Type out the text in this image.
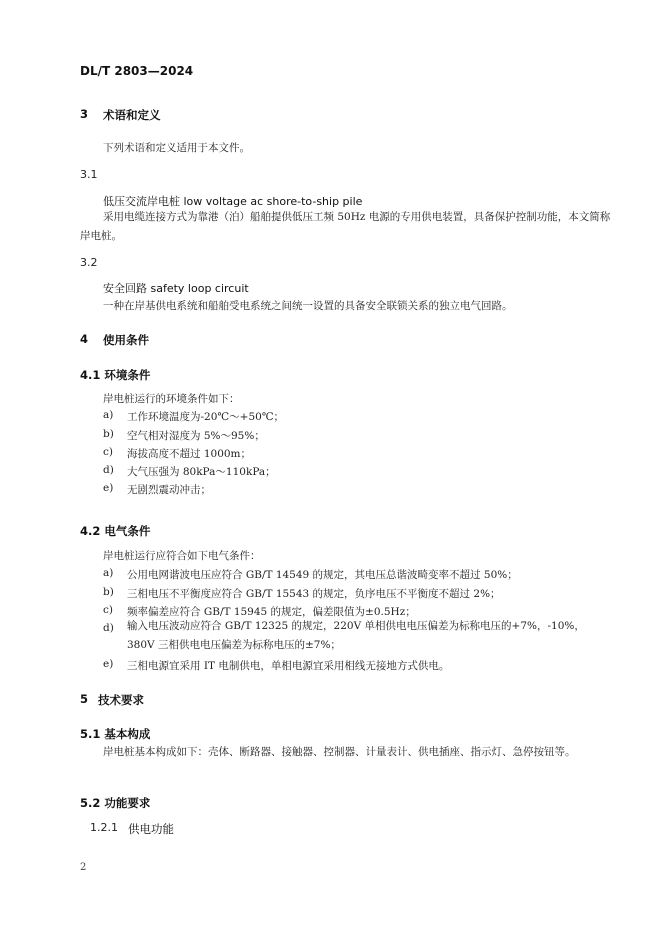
DL/T 2803—2024
3 术语和定义
下列术语和定义适用于本文件。
3.1
低压交流岸电桩 low voltage ac shore-to-ship pile
采用电缆连接方式为靠港（泊）船舶提供低压工频 50Hz 电源的专用供电装置，具备保护控制功能，本文简称岸电桩。
3.2
安全回路 safety loop circuit
一种在岸基供电系统和船舶受电系统之间统一设置的具备安全联锁关系的独立电气回路。
4 使用条件
4.1 环境条件
岸电桩运行的环境条件如下：
a) 工作环境温度为-20℃～+50℃；
b) 空气相对湿度为 5%～95%；
c) 海拔高度不超过 1000m；
d) 大气压强为 80kPa～110kPa；
e) 无剧烈震动冲击；
4.2 电气条件
岸电桩运行应符合如下电气条件：
a) 公用电网谐波电压应符合 GB/T 14549 的规定，其电压总谐波畸变率不超过 50%；
b) 三相电压不平衡度应符合 GB/T 15543 的规定，负序电压不平衡度不超过 2%；
c) 频率偏差应符合 GB/T 15945 的规定，偏差限值为±0.5Hz；
d) 输入电压波动应符合 GB/T 12325 的规定，220V 单相供电电压偏差为标称电压的+7%，-10%，380V 三相供电电压偏差为标称电压的±7%；
e) 三相电源宜采用 IT 电制供电，单相电源宜采用相线无接地方式供电。
5 技术要求
5.1 基本构成
岸电桩基本构成如下：壳体、断路器、接触器、控制器、计量表计、供电插座、指示灯、急停按钮等。
5.2 功能要求
1.2.1 供电功能
2
